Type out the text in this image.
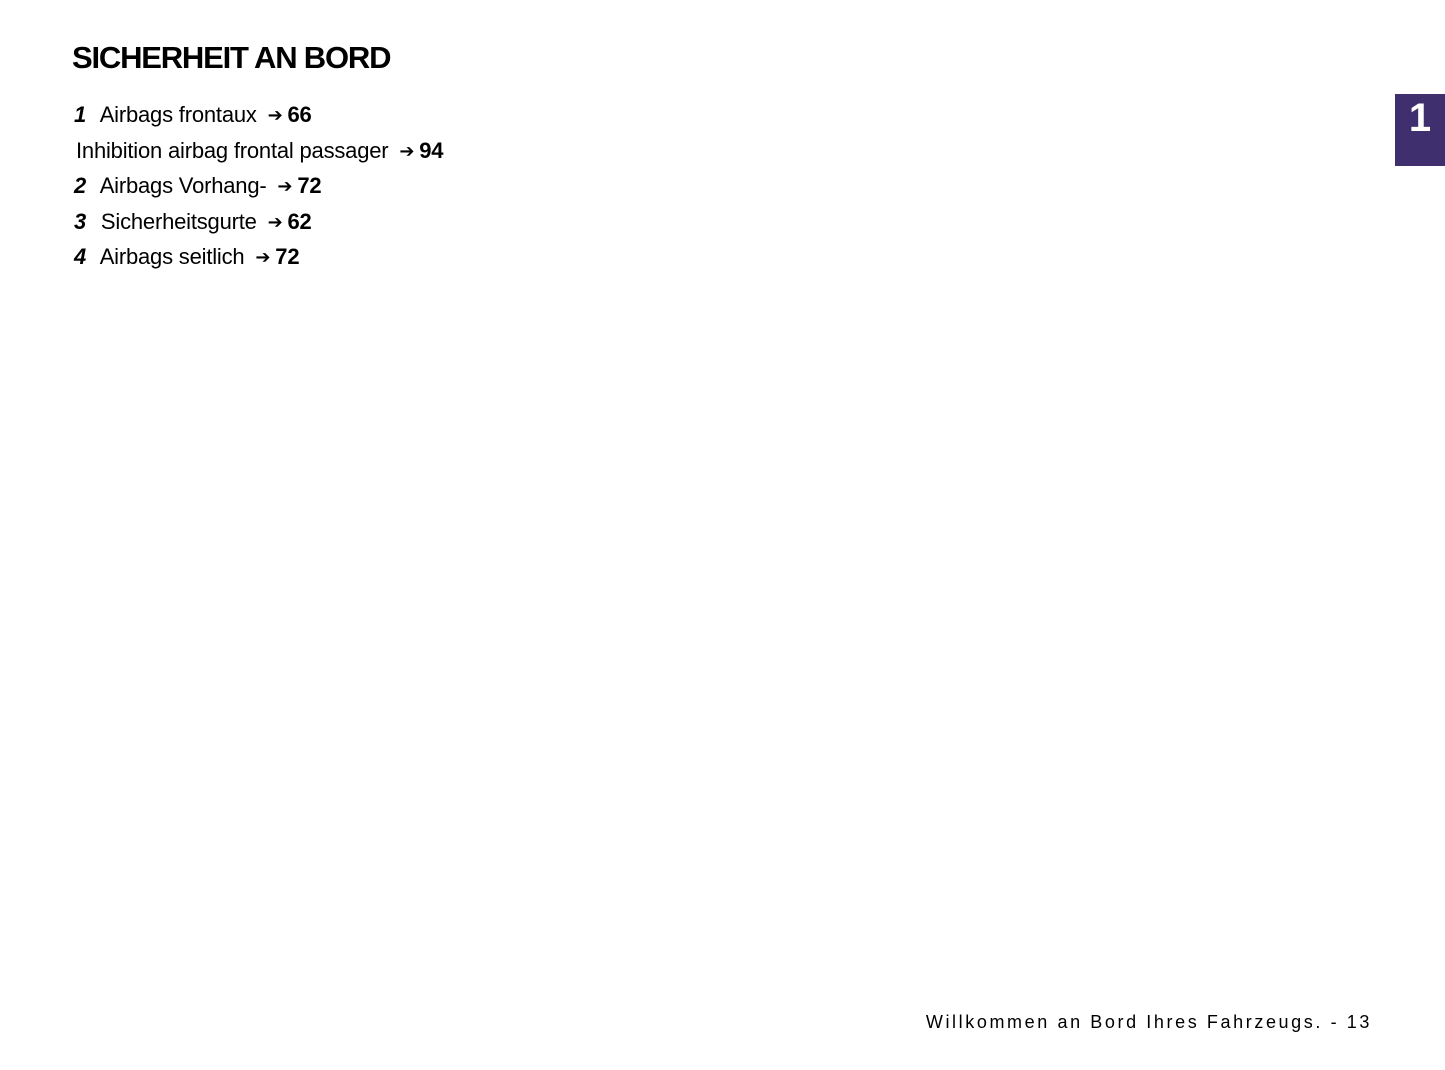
SICHERHEIT AN BORD
1 Airbags frontaux ➔ 66
Inhibition airbag frontal passager ➔ 94
2 Airbags Vorhang- ➔ 72
3 Sicherheitsgurte ➔ 62
4 Airbags seitlich ➔ 72
1
Willkommen an Bord Ihres Fahrzeugs. - 13
